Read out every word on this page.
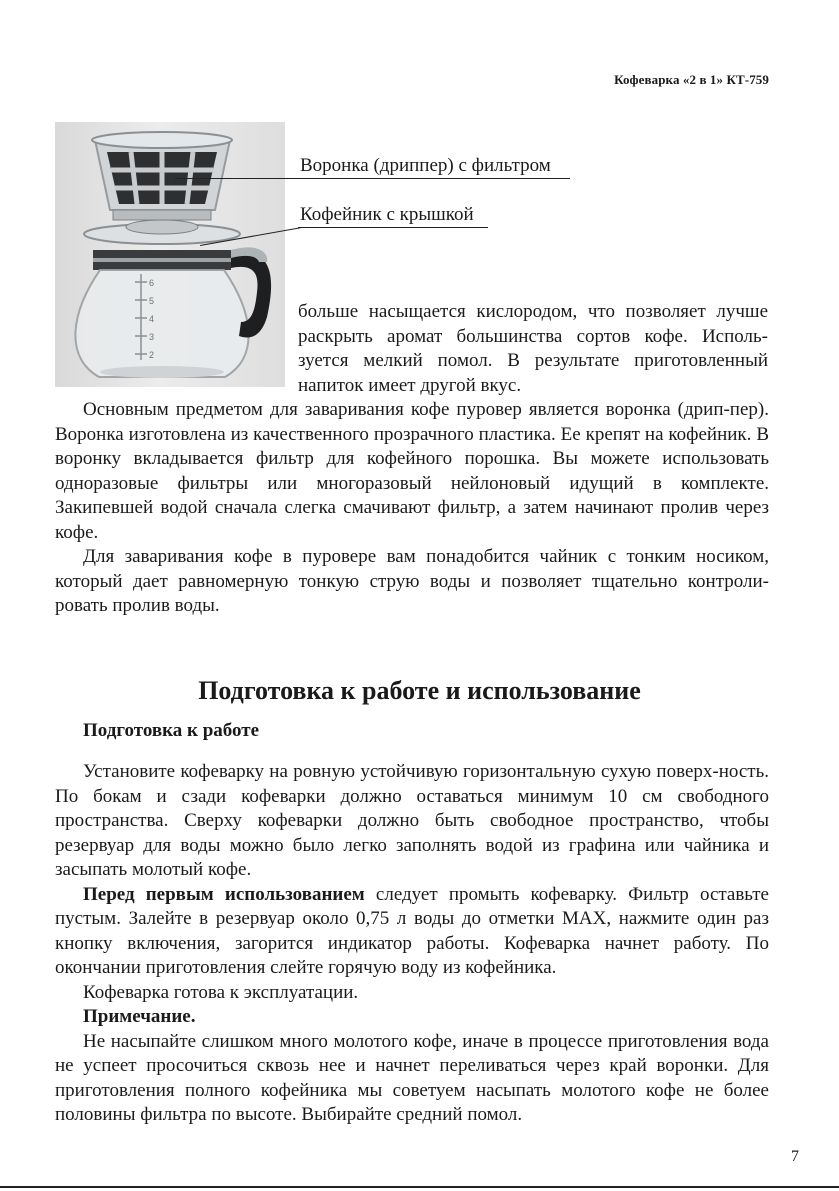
Кофеварка «2 в 1» КТ-759
6
5
4
3
2
Воронка (дриппер) с фильтром
Кофейник с крышкой

больше насыщается кислородом, что позволяет лучше раскрыть аромат большинства сортов кофе. Исполь-зуется мелкий помол. В результате приготовленный напиток имеет другой вкус.

Основным предметом для заваривания кофе пуровер является воронка (дрип-пер). Воронка изготовлена из качественного прозрачного пластика. Ее крепят на кофейник. В воронку вкладывается фильтр для кофейного порошка. Вы можете использовать одноразовые фильтры или многоразовый нейлоновый идущий в комплекте. Закипевшей водой сначала слегка смачивают фильтр, а затем начинают пролив через кофе.

Для заваривания кофе в пуровере вам понадобится чайник с тонким носиком, который дает равномерную тонкую струю воды и позволяет тщательно контроли-ровать пролив воды.

Подготовка к работе и использование
Подготовка к работе

Установите кофеварку на ровную устойчивую горизонтальную сухую поверх-ность. По бокам и сзади кофеварки должно оставаться минимум 10 см свободного пространства. Сверху кофеварки должно быть свободное пространство, чтобы резервуар для воды можно было легко заполнять водой из графина или чайника и засыпать молотый кофе.

Перед первым использованием следует промыть кофеварку. Фильтр оставьте пустым. Залейте в резервуар около 0,75 л воды до отметки MAX, нажмите один раз кнопку включения, загорится индикатор работы. Кофеварка начнет работу. По окончании приготовления слейте горячую воду из кофейника.

Кофеварка готова к эксплуатации.

Примечание.

Не насыпайте слишком много молотого кофе, иначе в процессе приготовления вода не успеет просочиться сквозь нее и начнет переливаться через край воронки. Для приготовления полного кофейника мы советуем насыпать молотого кофе не более половины фильтра по высоте. Выбирайте средний помол.

7
